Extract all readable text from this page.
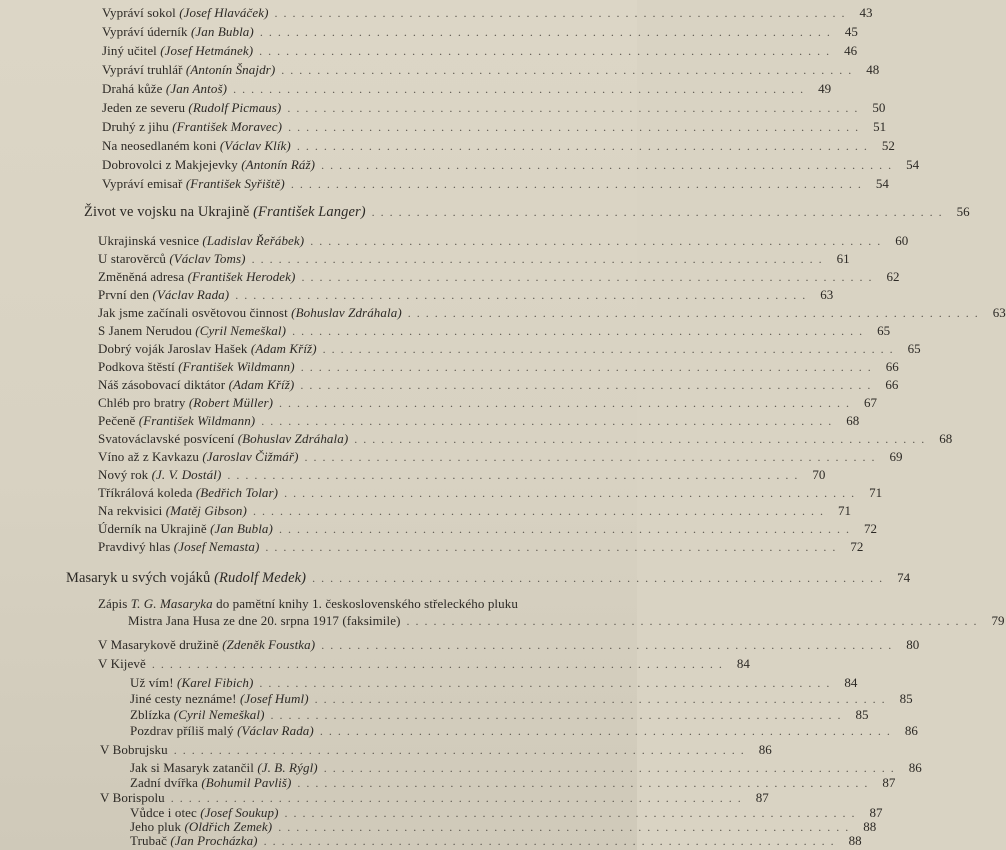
Vypráví sokol (Josef Hlaváček) ................................................................ 43
Vypráví úderník (Jan Bubla) ................................................................ 45
Jiný učitel (Josef Hetmánek) ................................................................ 46
Vypráví truhlář (Antonín Šnajdr) ................................................................ 48
Drahá kůže (Jan Antoš) ................................................................ 49
Jeden ze severu (Rudolf Picmaus) ................................................................ 50
Druhý z jihu (František Moravec) ................................................................ 51
Na neosedlaném koni (Václav Klík) ................................................................ 52
Dobrovolci z Makjejevky (Antonín Ráž) ................................................................ 54
Vypráví emisař (František Syřiště) ................................................................ 54
Život ve vojsku na Ukrajině (František Langer) ................................................................ 56
Ukrajinská vesnice (Ladislav Řeřábek) ................................................................ 60
U starověrců (Václav Toms) ................................................................ 61
Změněná adresa (František Herodek) ................................................................ 62
První den (Václav Rada) ................................................................ 63
Jak jsme začínali osvětovou činnost (Bohuslav Zdráhala) ................................................................ 63
S Janem Nerudou (Cyril Nemeškal) ................................................................ 65
Dobrý voják Jaroslav Hašek (Adam Kříž) ................................................................ 65
Podkova štěstí (František Wildmann) ................................................................ 66
Náš zásobovací diktátor (Adam Kříž) ................................................................ 66
Chléb pro bratry (Robert Müller) ................................................................ 67
Pečeně (František Wildmann) ................................................................ 68
Svatováclavské posvícení (Bohuslav Zdráhala) ................................................................ 68
Víno až z Kavkazu (Jaroslav Čižmář) ................................................................ 69
Nový rok (J. V. Dostál) ................................................................ 70
Tříkrálová koleda (Bedřich Tolar) ................................................................ 71
Na rekvisici (Matěj Gibson) ................................................................ 71
Úderník na Ukrajině (Jan Bubla) ................................................................ 72
Pravdivý hlas (Josef Nemasta) ................................................................ 72
Masaryk u svých vojáků (Rudolf Medek) ................................................................ 74
Zápis T. G. Masaryka do pamětní knihy 1. československého střeleckého pluku
Mistra Jana Husa ze dne 20. srpna 1917 (faksimile) ................................................................ 79
V Masarykově družině (Zdeněk Foustka) ................................................................ 80
V Kijevě ................................................................ 84
Už vím! (Karel Fibich) ................................................................ 84
Jiné cesty neznáme! (Josef Huml) ................................................................ 85
Zblízka (Cyril Nemeškal) ................................................................ 85
Pozdrav příliš malý (Václav Rada) ................................................................ 86
V Bobrujsku ................................................................ 86
Jak si Masaryk zatančil (J. B. Rýgl) ................................................................ 86
Zadní dvířka (Bohumil Pavliš) ................................................................ 87
V Borispolu ................................................................ 87
Vůdce i otec (Josef Soukup) ................................................................ 87
Jeho pluk (Oldřich Zemek) ................................................................ 88
Trubač (Jan Procházka) ................................................................ 88
